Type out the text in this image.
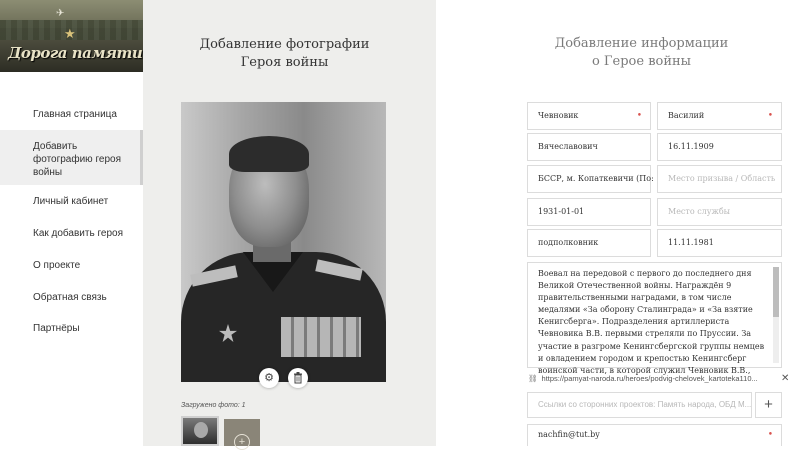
✈
★
Дорога памяти
Главная страница
Добавить фотографию героя войны
Личный кабинет
Как добавить героя
О проекте
Обратная связь
Партнёры
Добавление фотографии
Героя войны
⚙
Загружено фото: 1
+
Добавление информации
о Герое войны
Чевновик	•	Василий	•
Вячеславович	16.11.1909
БССР, м. Копаткевичи (По:	Место призыва / Область
1931-01-01	Место службы
подполковник	11.11.1981
Воевал на передовой с первого до последнего дня Великой Отечественной войны. Награждён 9 правительственными наградами, в том числе медалями «За оборону Сталинграда» и «За взятие Кенигсберга». Подразделения артиллериста Чевновика В.В. первыми стреляли по Пруссии. За участие в разгроме Кенингсбергской группы немцев и овладением городом и крепостью Кенингсберг воинской части, в которой служил Чевновик В.В.,
⛓ https://pamyat-naroda.ru/heroes/podvig-chelovek_kartoteka110...	✕
Ссылки со сторонних проектов: Память народа, ОБД М... +
nachfin@tut.by	•
